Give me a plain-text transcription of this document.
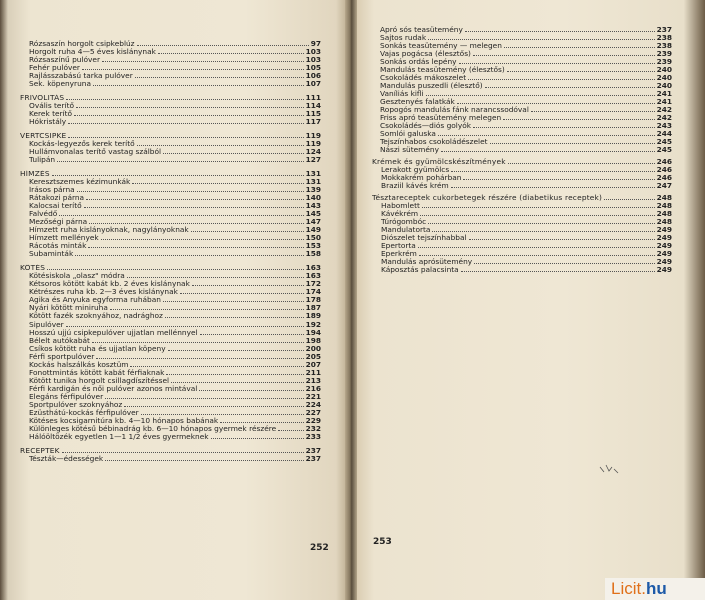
Rózsaszín horgolt csipkeblúz	97
Horgolt ruha 4—5 éves kislánynak	103
Rózsaszínű pulóver	103
Fehér pulóver	105
Rajlásszabású tarka pulóver	106
Sek. köpenyruna	107
FRIVOLITÁS	111
Ovális terítő	114
Kerek terítő	115
Hókristály	117
VERTCSIPKE	119
Kockás-legyezős kerek terítő	119
Hullámvonalas terítő vastag szálból	124
Tulipán	127
HÍMZÉS	131
Keresztszemes kézimunkák	131
Írásos párna	139
Rátakozi párna	140
Kalocsai terítő	143
Falvédő	145
Mezőségi párna	147
Hímzett ruha kislányoknak, nagylányoknak	149
Hímzett mellények	150
Rácotás minták	153
Subaminták	158
KÖTÉS	163
Kötésiskola „olasz" módra	163
Kétsoros kötött kabát kb. 2 éves kislánynak	172
Kétrészes ruha kb. 2—3 éves kislánynak	174
Agika és Anyuka egyforma ruhában	178
Nyári kötött miniruha	187
Kötött fazék szoknyához, nadrághoz	189
Sipulóver	192
Hosszú ujjú csipkepulóver ujjatlan mellénnyel	194
Bélelt autókabát	198
Csíkos kötött ruha és ujjatlan köpeny	200
Férfi sportpulóver	205
Kockás halszálkás kosztüm	207
Fonottmintás kötött kabát férfiaknak	211
Kötött tunika horgolt csillagdíszítéssel	213
Férfi kardigán és női pulóver azonos mintával	216
Elegáns férfipulóver	221
Sportpulóver szoknyához	224
Ezüsthátú-kockás férfipulóver	227
Kötéses kocsigarnitúra kb. 4—10 hónapos babának	229
Különleges kötésű bébinadrág kb. 6—10 hónapos gyermek részére	232
Hálóöltözék egyetlen 1—1 1/2 éves gyermeknek	233
RECEPTEK	237
Tészták—édességek	237
Apró sós teasütemény	237
Sajtos rudak	238
Sonkás teasütemény — melegen	238
Vajas pogácsa (élesztős)	239
Sonkás ordás lepény	239
Mandulás teasütemény (élesztős)	240
Csokoládés mákoszelet	240
Mandulás puszedli (élesztő)	240
Vaníliás kifli	241
Gesztenyés falatkák	241
Ropogós mandulás fánk narancssodóval	242
Friss apró teasütemény melegen	242
Csokoládés—diós golyók	243
Somlói galuska	244
Tejszínhabos csokoládészelet	245
Nászi sütemény	245
Krémek és gyümölcskészítmények	246
Lerakott gyümölcs	246
Mokkakrém pohárban	246
Braziil kávés krém	247
Tésztareceptek cukorbetegek részére (diabetikus receptek)	248
Habomlett	248
Kávékrém	248
Túrógombóc	248
Mandulatorta	249
Diószelet tejszínhabbal	249
Epertorta	249
Eperkrém	249
Mandulás aprósütemény	249
Káposztás palacsinta	249
252
253
Licit.hu
